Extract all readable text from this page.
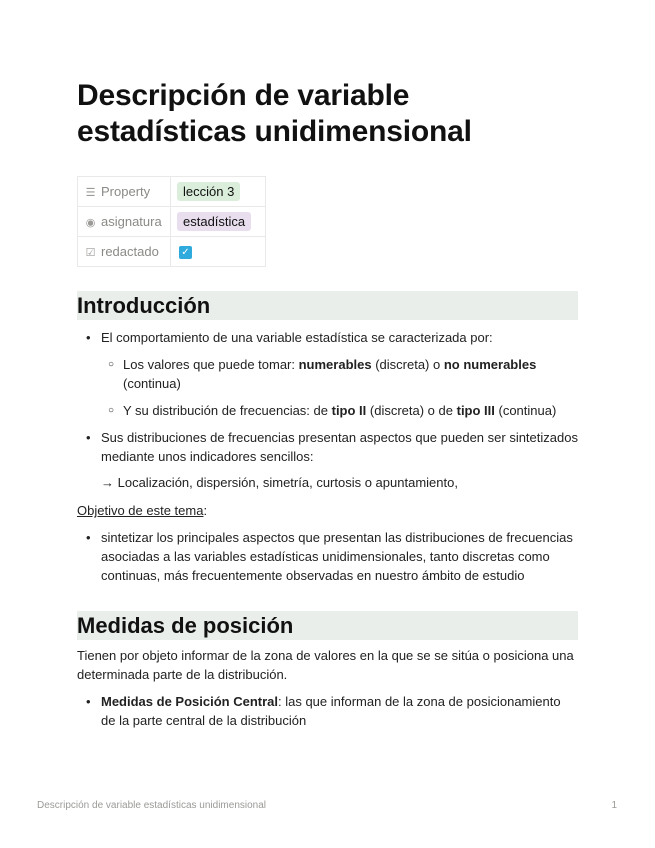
Descripción de variable estadísticas unidimensional
☰ Property	lección 3
◉ asignatura	estadística
☑ redactado	✓
Introducción
• El comportamiento de una variable estadística se caracterizada por:
○ Los valores que puede tomar: numerables (discreta) o no numerables (continua)
○ Y su distribución de frecuencias: de tipo II (discreta) o de tipo III (continua)
• Sus distribuciones de frecuencias presentan aspectos que pueden ser sintetizados mediante unos indicadores sencillos:
→ Localización, dispersión, simetría, curtosis o apuntamiento,
Objetivo de este tema:
• sintetizar los principales aspectos que presentan las distribuciones de frecuencias asociadas a las variables estadísticas unidimensionales, tanto discretas como continuas, más frecuentemente observadas en nuestro ámbito de estudio
Medidas de posición
Tienen por objeto informar de la zona de valores en la que se se sitúa o posiciona una determinada parte de la distribución.
• Medidas de Posición Central: las que informan de la zona de posicionamiento de la parte central de la distribución
Descripción de variable estadísticas unidimensional	1
